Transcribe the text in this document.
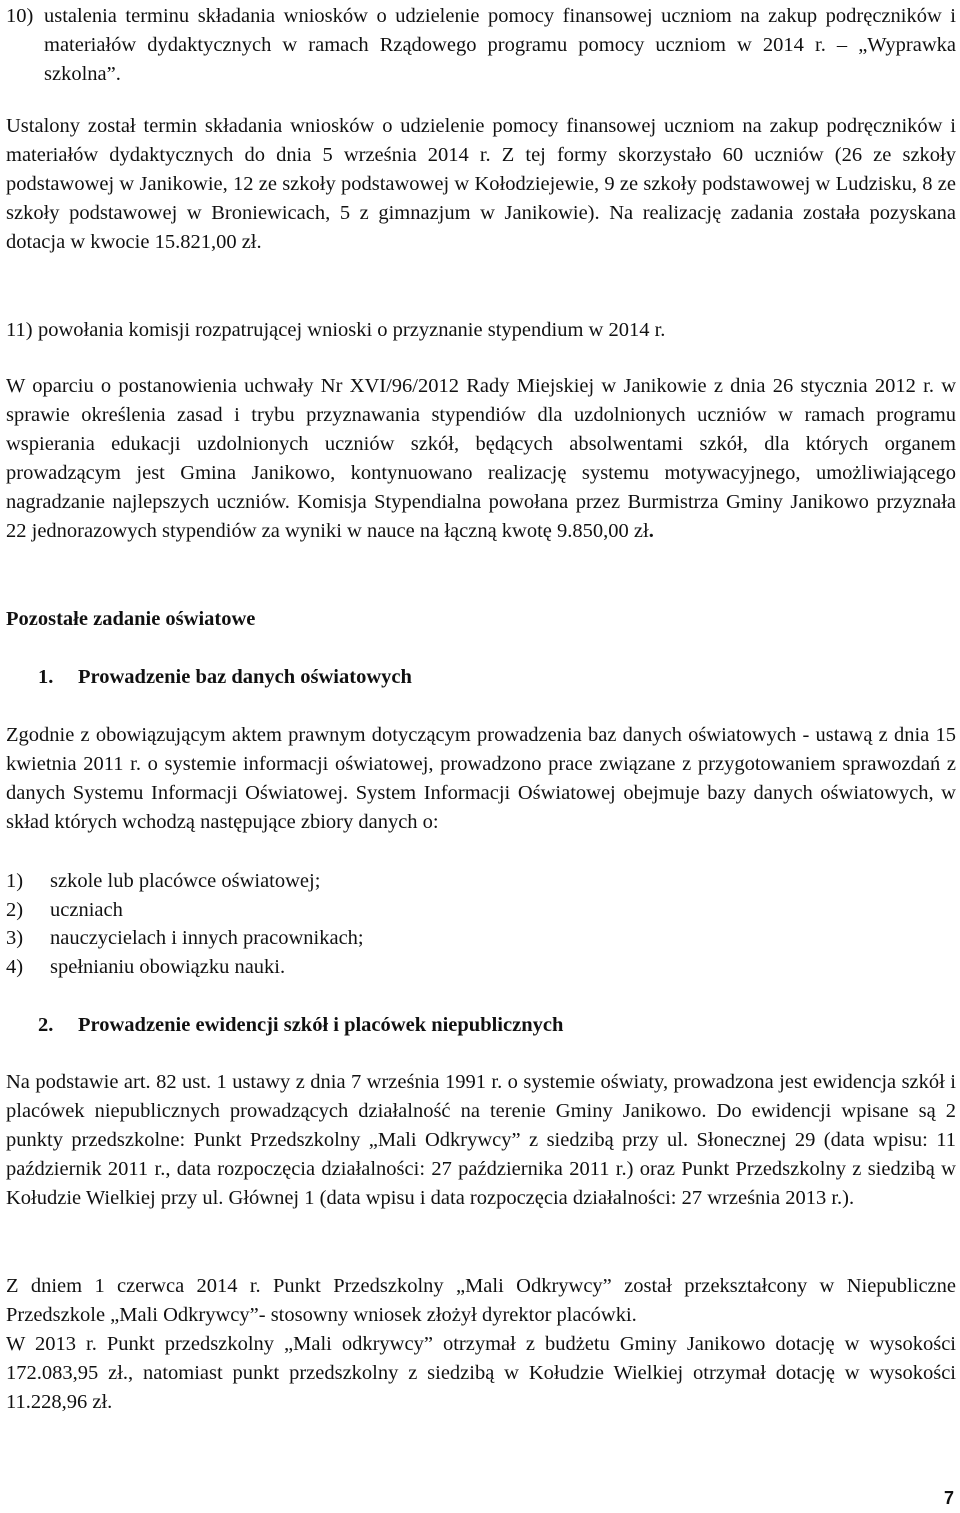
10) ustalenia terminu składania wniosków o udzielenie pomocy finansowej uczniom na zakup podręczników i materiałów dydaktycznych w ramach Rządowego programu pomocy uczniom w 2014 r. – „Wyprawka szkolna”.

Ustalony został termin składania wniosków o udzielenie pomocy finansowej uczniom na zakup podręczników i materiałów dydaktycznych do dnia 5 września 2014 r. Z tej formy skorzystało 60 uczniów (26 ze szkoły podstawowej w Janikowie, 12 ze szkoły podstawowej w Kołodziejewie, 9 ze szkoły podstawowej w Ludzisku, 8 ze szkoły podstawowej w Broniewicach, 5 z gimnazjum w Janikowie). Na realizację zadania została pozyskana dotacja w kwocie 15.821,00 zł.

11) powołania komisji rozpatrującej wnioski o przyznanie stypendium w 2014 r.

W oparciu o postanowienia uchwały Nr XVI/96/2012 Rady Miejskiej w Janikowie z dnia 26 stycznia 2012 r. w sprawie określenia zasad i trybu przyznawania stypendiów dla uzdolnionych uczniów w ramach programu wspierania edukacji uzdolnionych uczniów szkół, będących absolwentami szkół, dla których organem prowadzącym jest Gmina Janikowo, kontynuowano realizację systemu motywacyjnego, umożliwiającego nagradzanie najlepszych uczniów. Komisja Stypendialna powołana przez Burmistrza Gminy Janikowo przyznała 22 jednorazowych stypendiów za wyniki w nauce na łączną kwotę 9.850,00 zł.

Pozostałe zadanie oświatowe
1. Prowadzenie baz danych oświatowych

Zgodnie z obowiązującym aktem prawnym dotyczącym prowadzenia baz danych oświatowych - ustawą z dnia 15 kwietnia 2011 r. o systemie informacji oświatowej, prowadzono prace związane z przygotowaniem sprawozdań z danych Systemu Informacji Oświatowej. System Informacji Oświatowej obejmuje bazy danych oświatowych, w skład których wchodzą następujące zbiory danych o:

1)	szkole lub placówce oświatowej;
2)	uczniach
3)	nauczycielach i innych pracownikach;
4)	spełnianiu obowiązku nauki.
2. Prowadzenie ewidencji szkół i placówek niepublicznych

Na podstawie art. 82 ust. 1 ustawy z dnia 7 września 1991 r. o systemie oświaty, prowadzona jest ewidencja szkół i placówek niepublicznych prowadzących działalność na terenie Gminy Janikowo. Do ewidencji wpisane są 2 punkty przedszkolne: Punkt Przedszkolny „Mali Odkrywcy” z siedzibą przy ul. Słonecznej 29 (data wpisu: 11 październik 2011 r., data rozpoczęcia działalności: 27 października 2011 r.) oraz Punkt Przedszkolny z siedzibą w Kołudzie Wielkiej przy ul. Głównej 1 (data wpisu i data rozpoczęcia działalności: 27 września 2013 r.).

Z dniem 1 czerwca 2014 r. Punkt Przedszkolny „Mali Odkrywcy” został przekształcony w Niepubliczne Przedszkole „Mali Odkrywcy”- stosowny wniosek złożył dyrektor placówki.

W 2013 r. Punkt przedszkolny „Mali odkrywcy” otrzymał z budżetu Gminy Janikowo dotację w wysokości 172.083,95 zł., natomiast punkt przedszkolny z siedzibą w Kołudzie Wielkiej otrzymał dotację w wysokości 11.228,96 zł.

7
